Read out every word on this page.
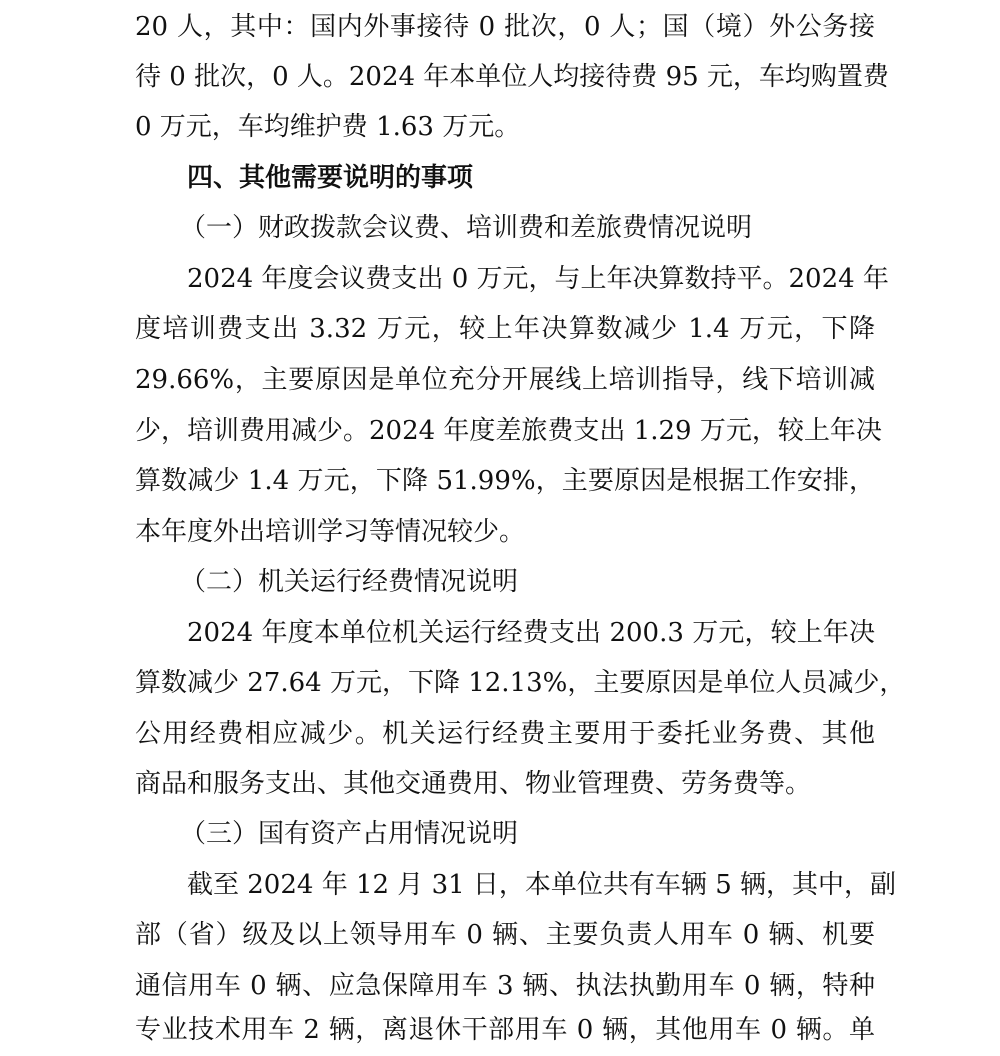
20 人，其中：国内外事接待 0 批次，0 人；国（境）外公务接
待 0 批次，0 人。2024 年本单位人均接待费 95 元，车均购置费
0 万元，车均维护费 1.63 万元。
四、其他需要说明的事项
（一）财政拨款会议费、培训费和差旅费情况说明
2024 年度会议费支出 0 万元，与上年决算数持平。2024 年
度培训费支出 3.32 万元，较上年决算数减少 1.4 万元，下降
29.66%，主要原因是单位充分开展线上培训指导，线下培训减
少，培训费用减少。2024 年度差旅费支出 1.29 万元，较上年决
算数减少 1.4 万元，下降 51.99%，主要原因是根据工作安排，
本年度外出培训学习等情况较少。
（二）机关运行经费情况说明
2024 年度本单位机关运行经费支出 200.3 万元，较上年决
算数减少 27.64 万元，下降 12.13%，主要原因是单位人员减少，
公用经费相应减少。机关运行经费主要用于委托业务费、其他
商品和服务支出、其他交通费用、物业管理费、劳务费等。
（三）国有资产占用情况说明
截至 2024 年 12 月 31 日，本单位共有车辆 5 辆，其中，副
部（省）级及以上领导用车 0 辆、主要负责人用车 0 辆、机要
通信用车 0 辆、应急保障用车 3 辆、执法执勤用车 0 辆，特种
专业技术用车 2 辆，离退休干部用车 0 辆，其他用车 0 辆。单
